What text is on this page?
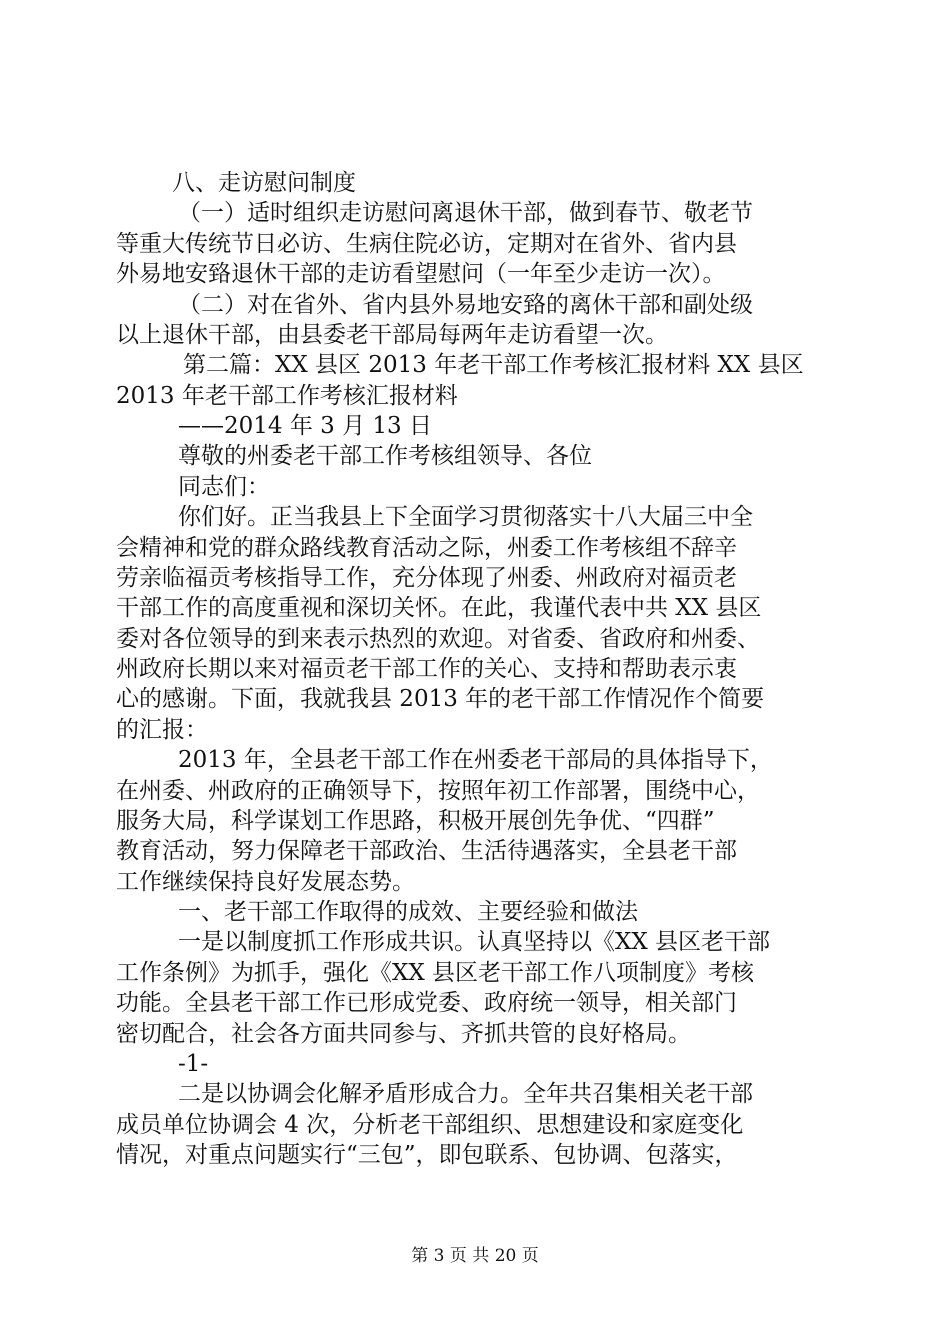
八、走访慰问制度
（一）适时组织走访慰问离退休干部，做到春节、敬老节
等重大传统节日必访、生病住院必访，定期对在省外、省内县
外易地安臵退休干部的走访看望慰问（一年至少走访一次）。
（二）对在省外、省内县外易地安臵的离休干部和副处级
以上退休干部，由县委老干部局每两年走访看望一次。
第二篇：XX 县区 2013 年老干部工作考核汇报材料 XX 县区
2013 年老干部工作考核汇报材料
——2014 年 3 月 13 日
尊敬的州委老干部工作考核组领导、各位
同志们：
你们好。正当我县上下全面学习贯彻落实十八大届三中全
会精神和党的群众路线教育活动之际，州委工作考核组不辞辛
劳亲临福贡考核指导工作，充分体现了州委、州政府对福贡老
干部工作的高度重视和深切关怀。在此，我谨代表中共 XX 县区
委对各位领导的到来表示热烈的欢迎。对省委、省政府和州委、
州政府长期以来对福贡老干部工作的关心、支持和帮助表示衷
心的感谢。下面，我就我县 2013 年的老干部工作情况作个简要
的汇报：
2013 年，全县老干部工作在州委老干部局的具体指导下，
在州委、州政府的正确领导下，按照年初工作部署，围绕中心，
服务大局，科学谋划工作思路，积极开展创先争优、“四群”
教育活动，努力保障老干部政治、生活待遇落实，全县老干部
工作继续保持良好发展态势。
一、老干部工作取得的成效、主要经验和做法
一是以制度抓工作形成共识。认真坚持以《XX 县区老干部
工作条例》为抓手，强化《XX 县区老干部工作八项制度》考核
功能。全县老干部工作已形成党委、政府统一领导，相关部门
密切配合，社会各方面共同参与、齐抓共管的良好格局。
-1-
二是以协调会化解矛盾形成合力。全年共召集相关老干部
成员单位协调会 4 次，分析老干部组织、思想建设和家庭变化
情况，对重点问题实行“三包”，即包联系、包协调、包落实，
第 3 页 共 20 页
